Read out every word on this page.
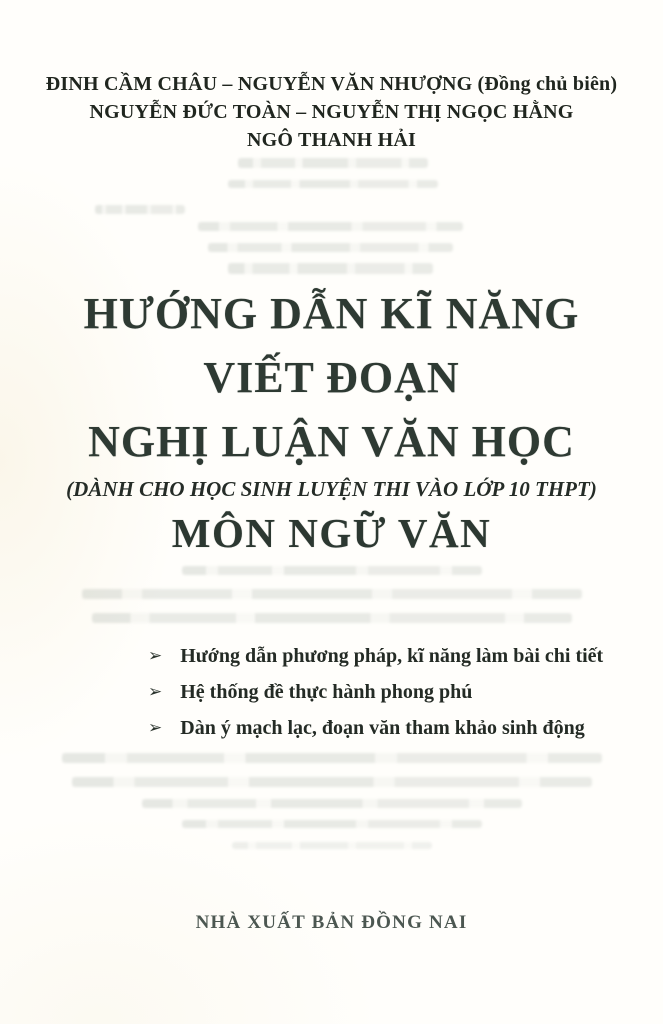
ĐINH CẦM CHÂU – NGUYỄN VĂN NHƯỢNG (Đồng chủ biên)
NGUYỄN ĐỨC TOÀN – NGUYỄN THỊ NGỌC HẰNG
NGÔ THANH HẢI
HƯỚNG DẪN KĨ NĂNG
VIẾT ĐOẠN
NGHỊ LUẬN VĂN HỌC
(DÀNH CHO HỌC SINH LUYỆN THI VÀO LỚP 10 THPT)
MÔN NGỮ VĂN
➢ Hướng dẫn phương pháp, kĩ năng làm bài chi tiết
➢ Hệ thống đề thực hành phong phú
➢ Dàn ý mạch lạc, đoạn văn tham khảo sinh động
NHÀ XUẤT BẢN ĐỒNG NAI
